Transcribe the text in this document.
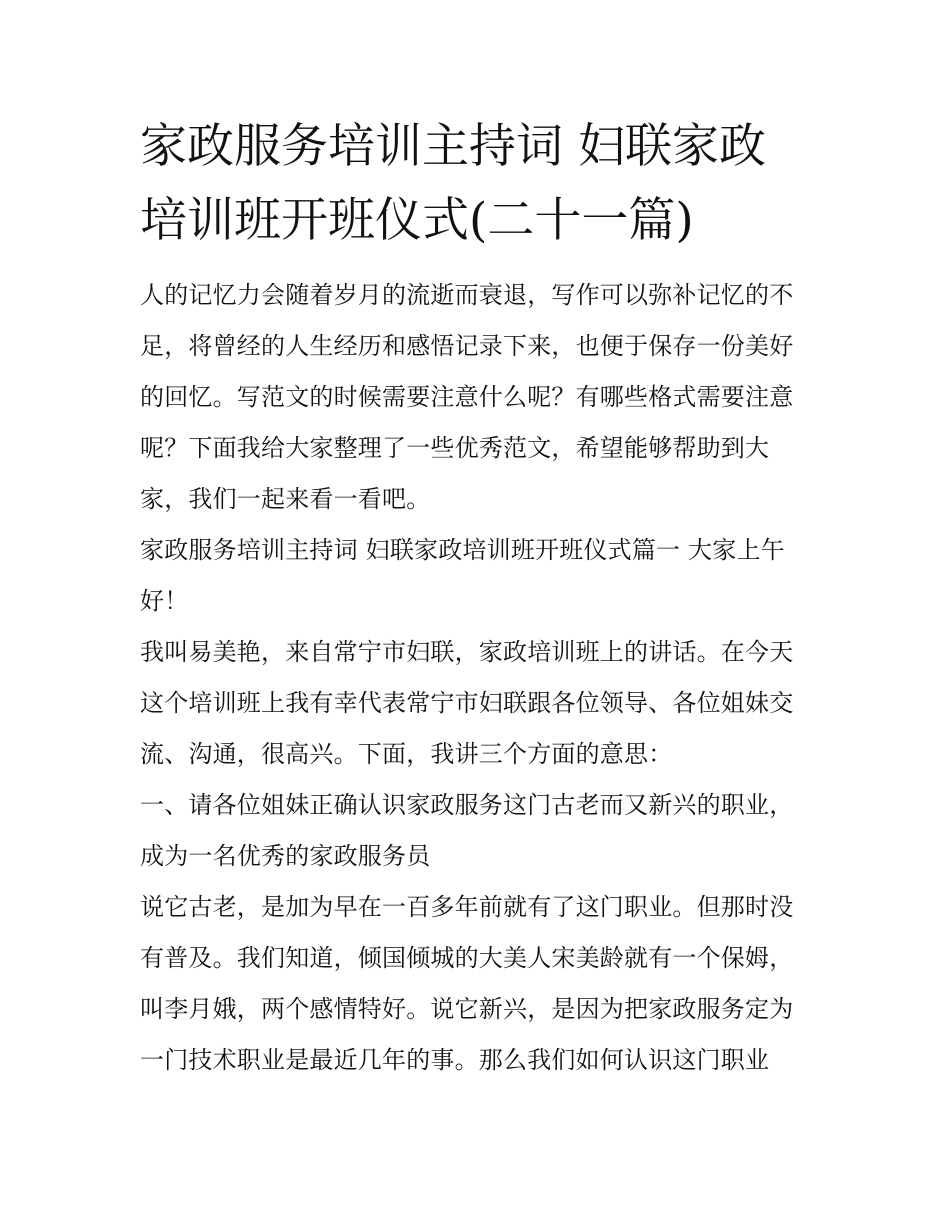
家政服务培训主持词 妇联家政培训班开班仪式(二十一篇)

人的记忆力会随着岁月的流逝而衰退，写作可以弥补记忆的不足，将曾经的人生经历和感悟记录下来，也便于保存一份美好的回忆。写范文的时候需要注意什么呢？有哪些格式需要注意呢？下面我给大家整理了一些优秀范文，希望能够帮助到大家，我们一起来看一看吧。

家政服务培训主持词 妇联家政培训班开班仪式篇一 大家上午好！

我叫易美艳，来自常宁市妇联，家政培训班上的讲话。在今天这个培训班上我有幸代表常宁市妇联跟各位领导、各位姐妹交流、沟通，很高兴。下面，我讲三个方面的意思：

一、请各位姐妹正确认识家政服务这门古老而又新兴的职业，成为一名优秀的家政服务员

说它古老，是加为早在一百多年前就有了这门职业。但那时没有普及。我们知道，倾国倾城的大美人宋美龄就有一个保姆，叫李月娥，两个感情特好。说它新兴，是因为把家政服务定为一门技术职业是最近几年的事。那么我们如何认识这门职业
